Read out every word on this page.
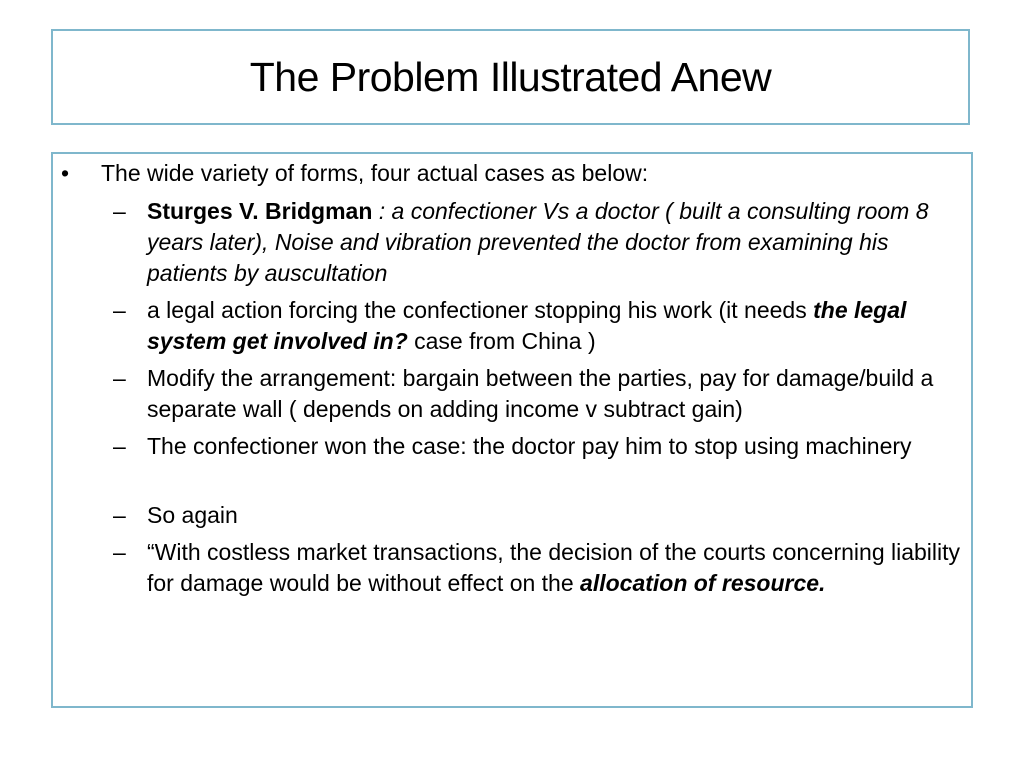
The Problem Illustrated Anew
•	The wide variety of forms, four actual cases as below:
– Sturges V. Bridgman : a confectioner Vs a doctor ( built a consulting room 8 years later), Noise and vibration prevented the doctor from examining his patients by auscultation
– a legal action forcing the confectioner stopping his work (it needs the legal system get involved in? case from China )
– Modify the arrangement: bargain between the parties, pay for damage/build a separate wall ( depends on adding income v subtract gain)
– The confectioner won the case: the doctor pay him to stop using machinery
– So again
– “With costless market transactions, the decision of the courts concerning liability for damage would be without effect on the allocation of resource.
